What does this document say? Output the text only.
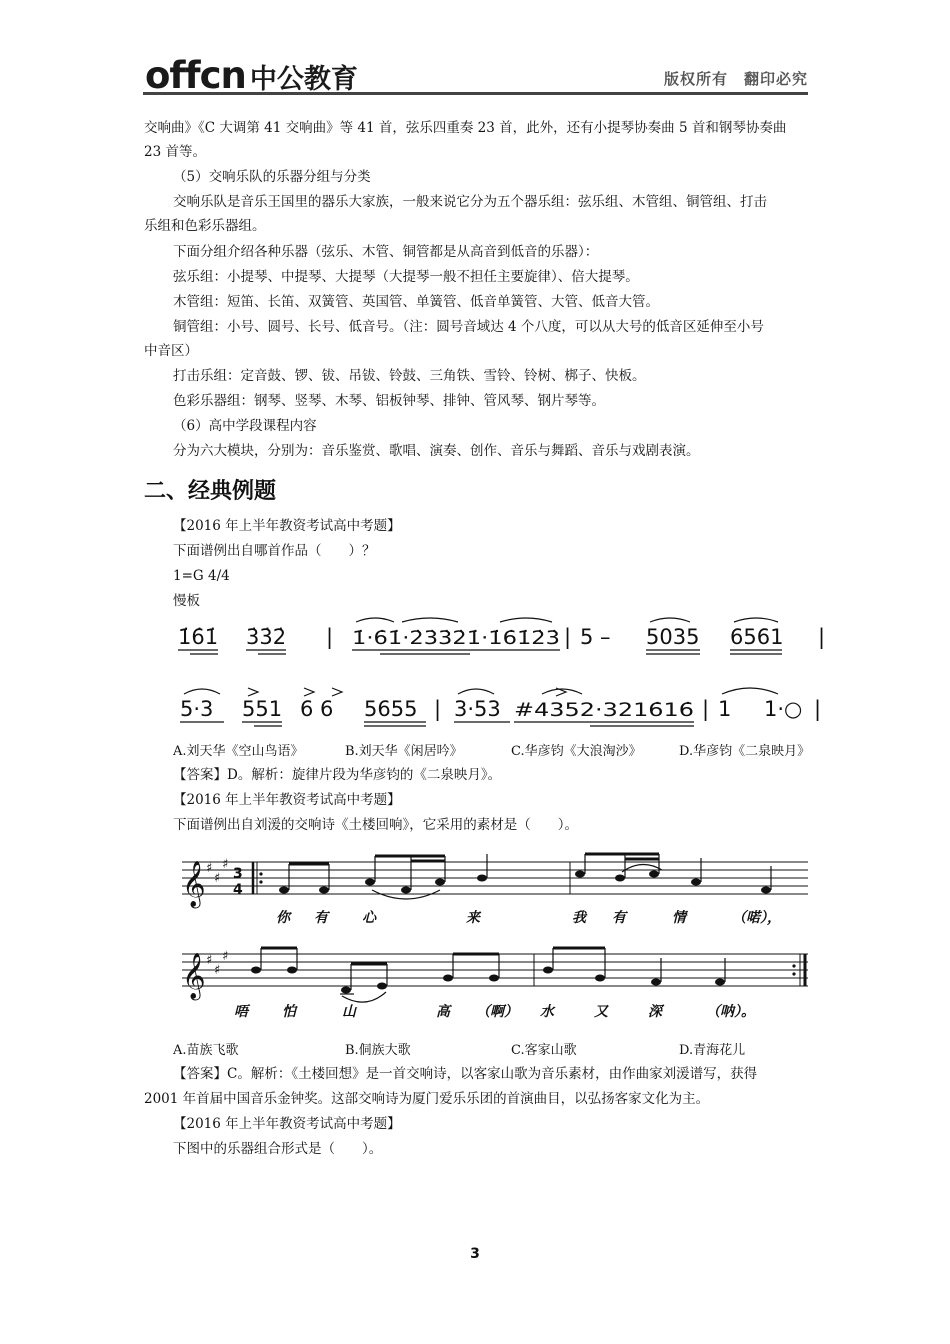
offcn 中公教育	版权所有　翻印必究
交响曲》《C 大调第 41 交响曲》等 41 首，弦乐四重奏 23 首，此外，还有小提琴协奏曲 5 首和钢琴协奏曲
23 首等。
（5）交响乐队的乐器分组与分类
交响乐队是音乐王国里的器乐大家族，一般来说它分为五个器乐组：弦乐组、木管组、铜管组、打击
乐组和色彩乐器组。
下面分组介绍各种乐器（弦乐、木管、铜管都是从高音到低音的乐器）：
弦乐组：小提琴、中提琴、大提琴（大提琴一般不担任主要旋律）、倍大提琴。
木管组：短笛、长笛、双簧管、英国管、单簧管、低音单簧管、大管、低音大管。
铜管组：小号、圆号、长号、低音号。（注：圆号音域达 4 个八度，可以从大号的低音区延伸至小号
中音区）
打击乐组：定音鼓、锣、钹、吊钹、铃鼓、三角铁、雪铃、铃树、梆子、快板。
色彩乐器组：钢琴、竖琴、木琴、铝板钟琴、排钟、管风琴、钢片琴等。
（6）高中学段课程内容
分为六大模块，分别为：音乐鉴赏、歌唱、演奏、创作、音乐与舞蹈、音乐与戏剧表演。
二、经典例题
【2016 年上半年教资考试高中考题】
下面谱例出自哪首作品（　　）？
1=G 4/4
慢板
1̇6̇1̇ 3̇3̇2̇ | 1̇·6̇1̇·2̇3̇3̇2̇1̇·1̇6̇1̇2̇3̇ | 5 – 5035 6561 |
5·3 551 6 6 5655 | 3·53 #4352·3216̇16̇ | 1 1·○ |
A.刘天华《空山鸟语》	B.刘天华《闲居吟》	C.华彦钧《大浪淘沙》	D.华彦钧《二泉映月》
【答案】D。解析：旋律片段为华彦钧的《二泉映月》。
【2016 年上半年教资考试高中考题】
下面谱例出自刘湲的交响诗《土楼回响》，它采用的素材是（　　）。
𝄞 ♯
♯
♯
3
4
你 有 心	来	我 有	情	（喏），
𝄞 ♯
♯
♯
唔 怕	山	高 （啊） 水	又	深	（呐）。
A.苗族飞歌	B.侗族大歌	C.客家山歌	D.青海花儿
【答案】C。解析：《土楼回想》是一首交响诗，以客家山歌为音乐素材，由作曲家刘湲谱写，获得
2001 年首届中国音乐金钟奖。这部交响诗为厦门爱乐乐团的首演曲目，以弘扬客家文化为主。
【2016 年上半年教资考试高中考题】
下图中的乐器组合形式是（　　）。
3
